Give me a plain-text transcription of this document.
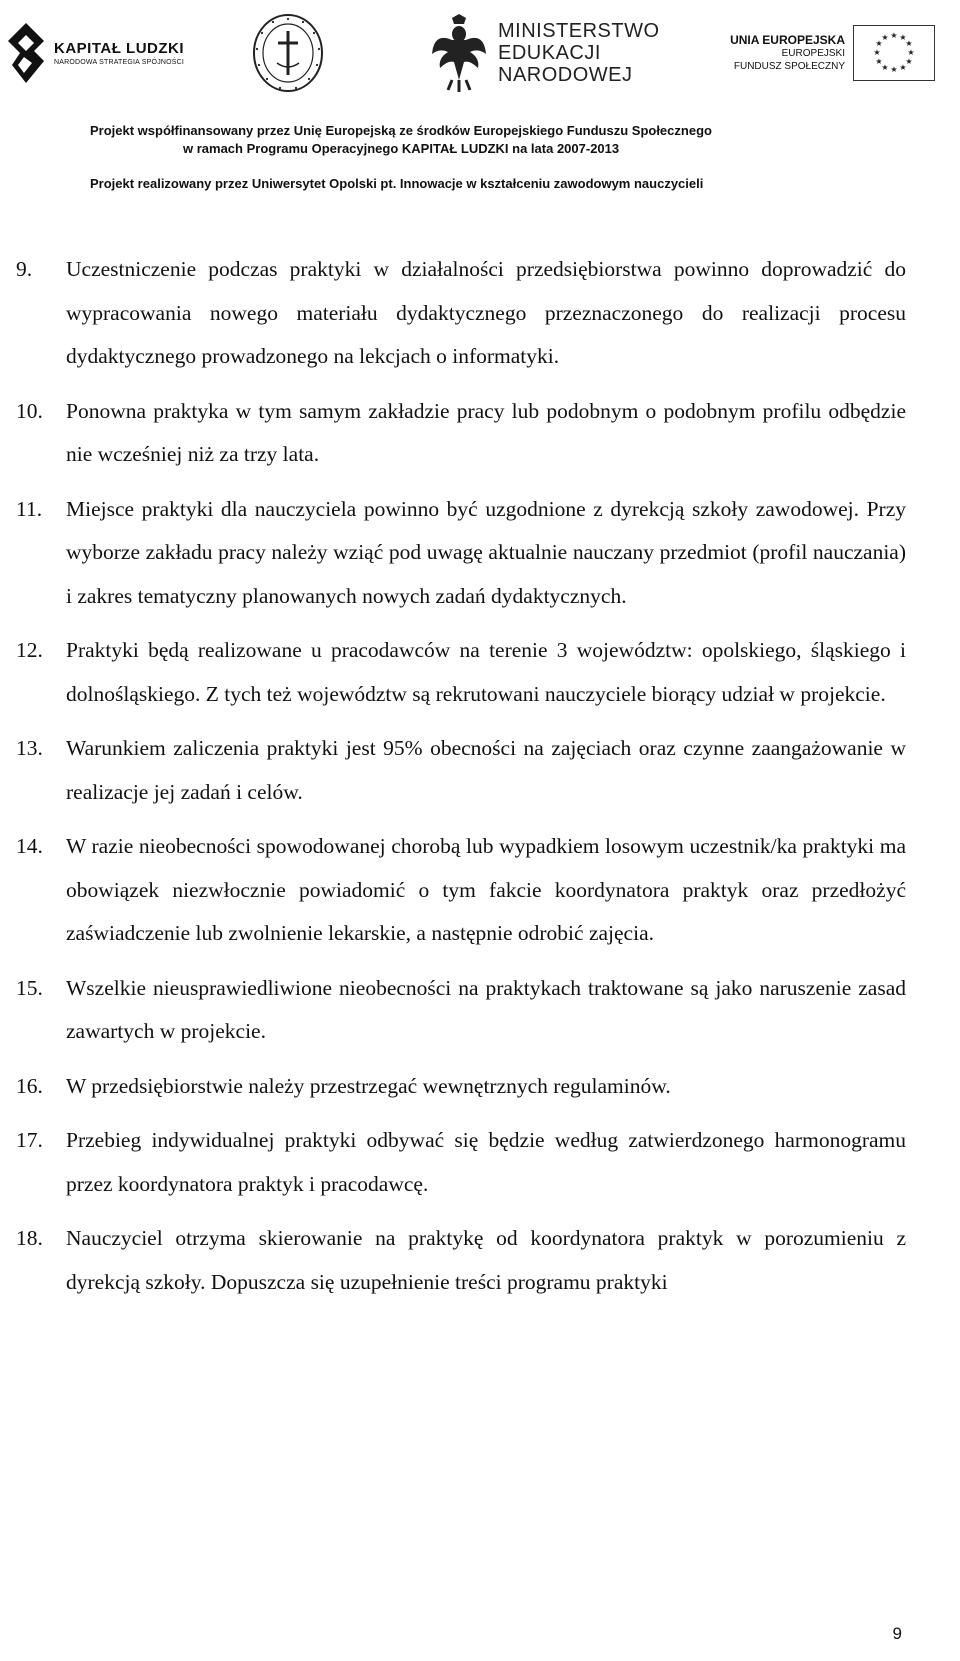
KAPITAŁ LUDZKI
NARODOWA STRATEGIA SPÓJNOŚCI
MINISTERSTWO
EDUKACJI
NARODOWEJ
UNIA EUROPEJSKA
EUROPEJSKI
FUNDUSZ SPOŁECZNY
★ ★
★
★
★
★
★
★
★
★
★
★
Projekt współfinansowany przez Unię Europejską ze środków Europejskiego Funduszu Społecznego
w ramach Programu Operacyjnego KAPITAŁ LUDZKI na lata 2007-2013
Projekt realizowany przez Uniwersytet Opolski pt. Innowacje w kształceniu zawodowym nauczycieli
9. Uczestniczenie podczas praktyki w działalności przedsiębiorstwa powinno doprowadzić do wypracowania nowego materiału dydaktycznego przeznaczonego do realizacji procesu dydaktycznego prowadzonego na lekcjach o informatyki.
10. Ponowna praktyka w tym samym zakładzie pracy lub podobnym o podobnym profilu odbędzie nie wcześniej niż za trzy lata.
11. Miejsce praktyki dla nauczyciela powinno być uzgodnione z dyrekcją szkoły zawodowej. Przy wyborze zakładu pracy należy wziąć pod uwagę aktualnie nauczany przedmiot (profil nauczania) i zakres tematyczny planowanych nowych zadań dydaktycznych.
12. Praktyki będą realizowane u pracodawców na terenie 3 województw: opolskiego, śląskiego i dolnośląskiego. Z tych też województw są rekrutowani nauczyciele biorący udział w projekcie.
13. Warunkiem zaliczenia praktyki jest 95% obecności na zajęciach oraz czynne zaangażowanie w realizacje jej zadań i celów.
14. W razie nieobecności spowodowanej chorobą lub wypadkiem losowym uczestnik/ka praktyki ma obowiązek niezwłocznie powiadomić o tym fakcie koordynatora praktyk oraz przedłożyć zaświadczenie lub zwolnienie lekarskie, a następnie odrobić zajęcia.
15. Wszelkie nieusprawiedliwione nieobecności na praktykach traktowane są jako naruszenie zasad zawartych w projekcie.
16. W przedsiębiorstwie należy przestrzegać wewnętrznych regulaminów.
17. Przebieg indywidualnej praktyki odbywać się będzie według zatwierdzonego harmonogramu przez koordynatora praktyk i pracodawcę.
18. Nauczyciel otrzyma skierowanie na praktykę od koordynatora praktyk w porozumieniu z dyrekcją szkoły. Dopuszcza się uzupełnienie treści programu praktyki
9
